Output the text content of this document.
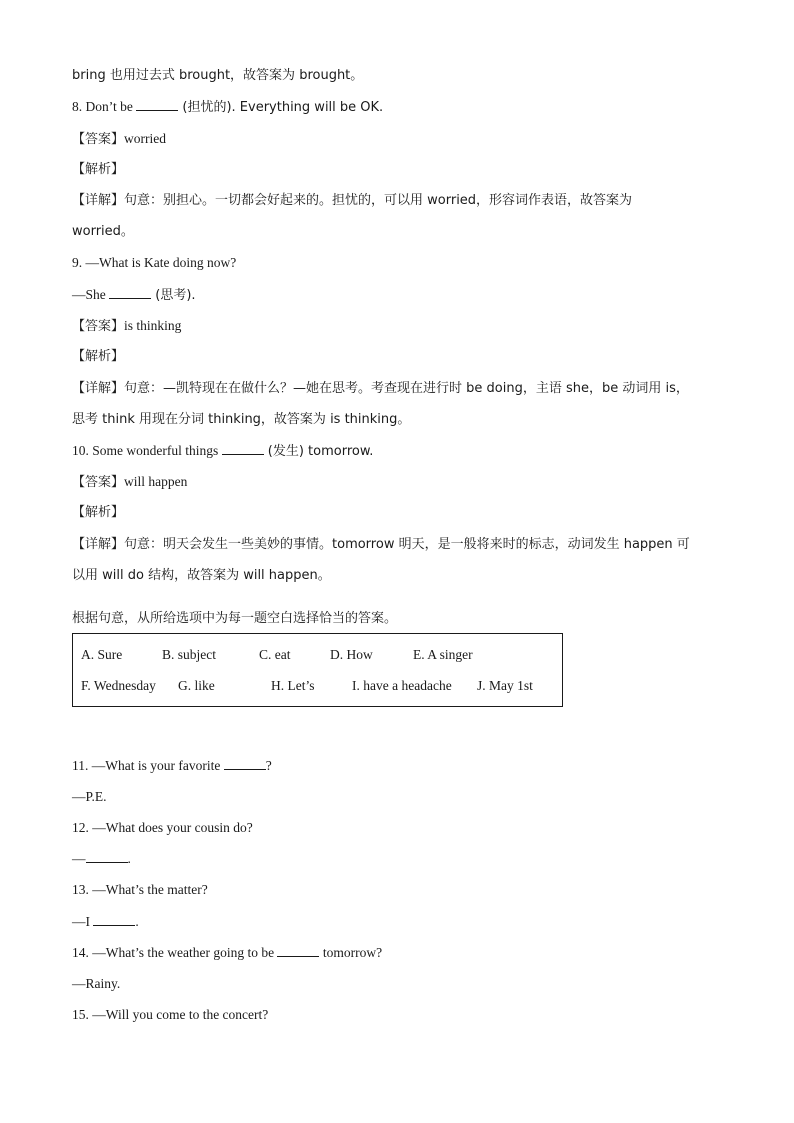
bring 也用过去式 brought，故答案为 brought。
8. Don’t be	(担忧的). Everything will be OK.
【答案】worried
【解析】
【详解】句意：别担心。一切都会好起来的。担忧的，可以用 worried，形容词作表语，故答案为
worried。
9. —What is Kate doing now?
—She	(思考).
【答案】is thinking
【解析】
【详解】句意：—凯特现在在做什么？—她在思考。考查现在进行时 be doing，主语 she，be 动词用 is，
思考 think 用现在分词 thinking，故答案为 is thinking。
10. Some wonderful things	(发生) tomorrow.
【答案】will happen
【解析】
【详解】句意：明天会发生一些美妙的事情。tomorrow 明天，是一般将来时的标志，动词发生 happen 可
以用 will do 结构，故答案为 will happen。
根据句意，从所给选项中为每一题空白选择恰当的答案。
A. Sure	B. subject	C. eat	D. How	E. A singer
F. Wednesday G. like	H. Let’s	I. have a headache J. May 1st
11. —What is your favorite	?
—P.E.
12. —What does your cousin do?
—	.
13. —What’s the matter?
—I	.
14. —What’s the weather going to be	tomorrow?
—Rainy.
15. —Will you come to the concert?
